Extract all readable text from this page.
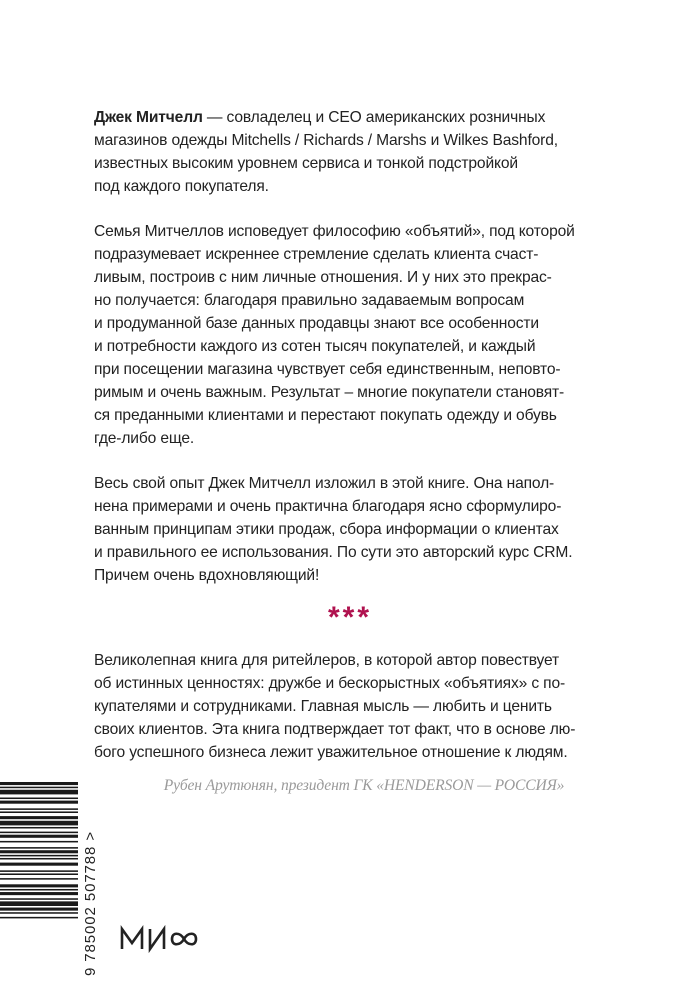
Джек Митчелл — совладелец и CEO американских розничных
магазинов одежды Mitchells / Richards / Marshs и Wilkes Bashford,
известных высоким уровнем сервиса и тонкой подстройкой
под каждого покупателя.

Семья Митчеллов исповедует философию «объятий», под которой
подразумевает искреннее стремление сделать клиента счаст-
ливым, построив с ним личные отношения. И у них это прекрас-
но получается: благодаря правильно задаваемым вопросам
и продуманной базе данных продавцы знают все особенности
и потребности каждого из сотен тысяч покупателей, и каждый
при посещении магазина чувствует себя единственным, неповто-
римым и очень важным. Результат – многие покупатели становят-
ся преданными клиентами и перестают покупать одежду и обувь
где-либо еще.

Весь свой опыт Джек Митчелл изложил в этой книге. Она напол-
нена примерами и очень практична благодаря ясно сформулиро-
ванным принципам этики продаж, сбора информации о клиентах
и правильного ее использования. По сути это авторский курс CRM.
Причем очень вдохновляющий!

***

Великолепная книга для ритейлеров, в которой автор повествует
об истинных ценностях: дружбе и бескорыстных «объятиях» с по-
купателями и сотрудниками. Главная мысль — любить и ценить
своих клиентов. Эта книга подтверждает тот факт, что в основе лю-
бого успешного бизнеса лежит уважительное отношение к людям.

Рубен Арутюнян, президент ГК «HENDERSON — РОССИЯ»
9 785002 507788 >
